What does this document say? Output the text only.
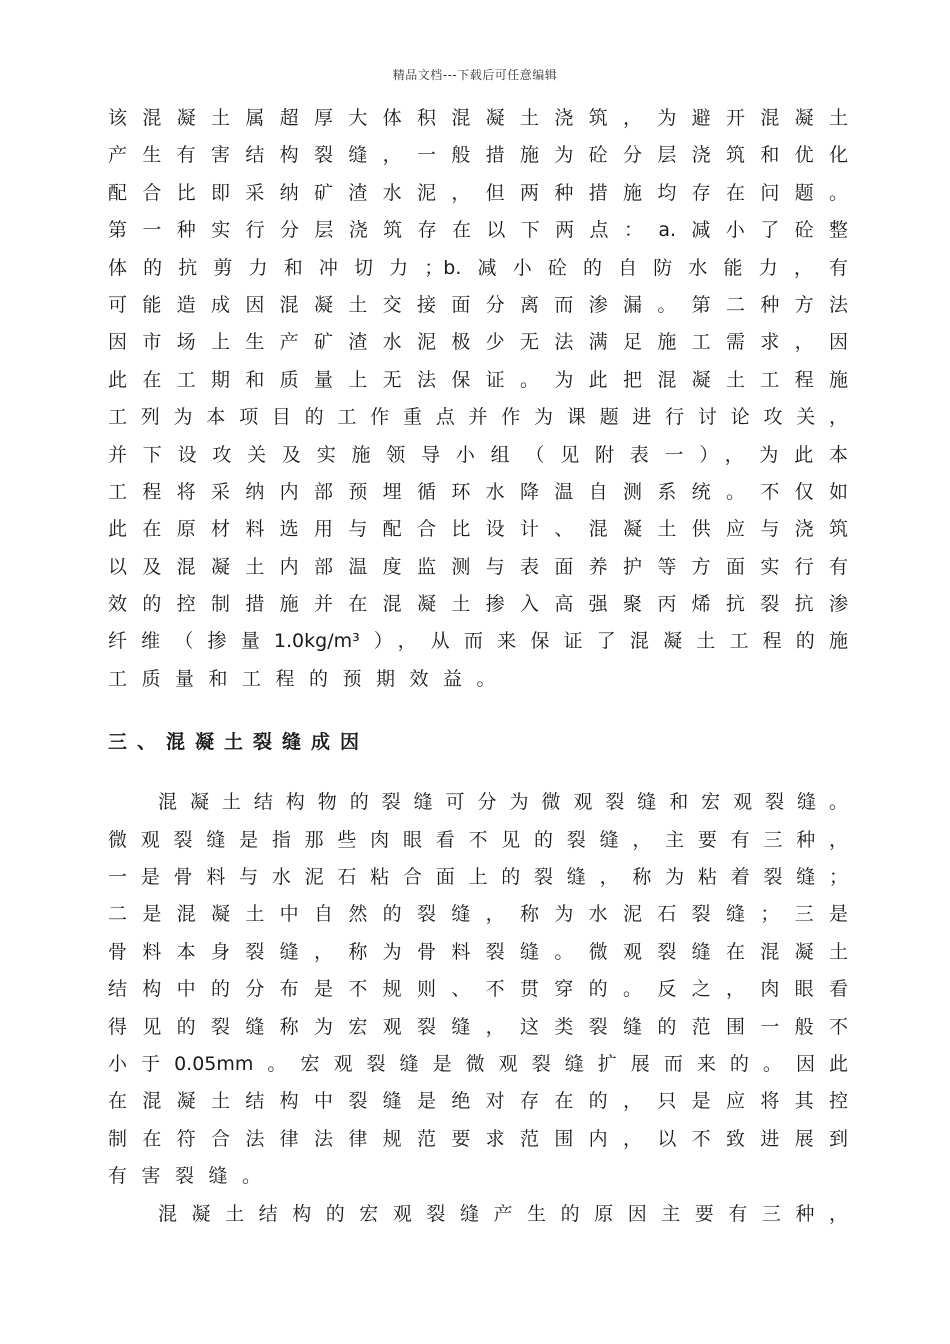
精品文档---下载后可任意编辑
该混凝土属超厚大体积混凝土浇筑，为避开混凝土
产生有害结构裂缝，一般措施为砼分层浇筑和优化
配合比即采纳矿渣水泥，但两种措施均存在问题。
第一种实行分层浇筑存在以下两点：a.减小了砼整
体的抗剪力和冲切力；b.减小砼的自防水能力，有
可能造成因混凝土交接面分离而渗漏。第二种方法
因市场上生产矿渣水泥极少无法满足施工需求，因
此在工期和质量上无法保证。为此把混凝土工程施
工列为本项目的工作重点并作为课题进行讨论攻关，
并下设攻关及实施领导小组（见附表一），为此本
工程将采纳内部预埋循环水降温自测系统。不仅如
此在原材料选用与配合比设计、混凝土供应与浇筑
以及混凝土内部温度监测与表面养护等方面实行有
效的控制措施并在混凝土掺入高强聚丙烯抗裂抗渗
纤维（掺量1.0kg/m³），从而来保证了混凝土工程的施
工质量和工程的预期效益。
三、混凝土裂缝成因
混凝土结构物的裂缝可分为微观裂缝和宏观裂缝。
微观裂缝是指那些肉眼看不见的裂缝，主要有三种，
一是骨料与水泥石粘合面上的裂缝，称为粘着裂缝；
二是混凝土中自然的裂缝，称为水泥石裂缝；三是
骨料本身裂缝，称为骨料裂缝。微观裂缝在混凝土
结构中的分布是不规则、不贯穿的。反之，肉眼看
得见的裂缝称为宏观裂缝，这类裂缝的范围一般不
小于0.05mm。宏观裂缝是微观裂缝扩展而来的。因此
在混凝土结构中裂缝是绝对存在的，只是应将其控
制在符合法律法律规范要求范围内，以不致进展到
有害裂缝。
混凝土结构的宏观裂缝产生的原因主要有三种，
